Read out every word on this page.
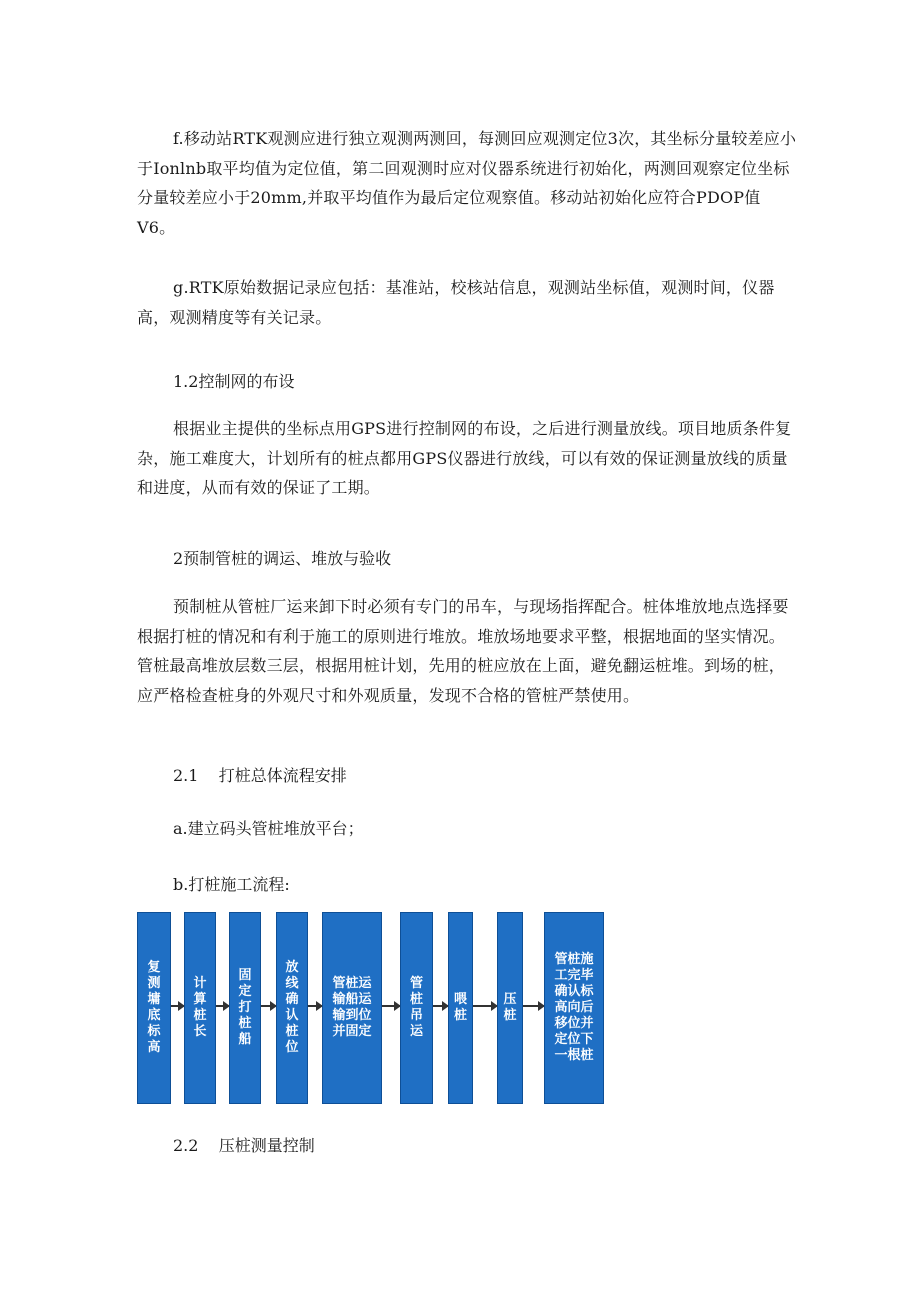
f.移动站RTK观测应进行独立观测两测回，每测回应观测定位3次，其坐标分量较差应小于Ionlnb取平均值为定位值，第二回观测时应对仪器系统进行初始化，两测回观察定位坐标分量较差应小于20mm,并取平均值作为最后定位观察值。移动站初始化应符合PDOP值V6。

g.RTK原始数据记录应包括：基准站，校核站信息，观测站坐标值，观测时间，仪器高，观测精度等有关记录。

1.2控制网的布设

根据业主提供的坐标点用GPS进行控制网的布设，之后进行测量放线。项目地质条件复杂，施工难度大，计划所有的桩点都用GPS仪器进行放线，可以有效的保证测量放线的质量和进度，从而有效的保证了工期。

2预制管桩的调运、堆放与验收

预制桩从管桩厂运来卸下时必须有专门的吊车，与现场指挥配合。桩体堆放地点选择要根据打桩的情况和有利于施工的原则进行堆放。堆放场地要求平整，根据地面的坚实情况。管桩最高堆放层数三层，根据用桩计划，先用的桩应放在上面，避免翻运桩堆。到场的桩，应严格检查桩身的外观尺寸和外观质量，发现不合格的管桩严禁使用。

2.1    打桩总体流程安排

a.建立码头管桩堆放平台；

b.打桩施工流程:

复测墉底标高
计算桩长
固定打桩船
放线确认桩位
管桩运输船运输到位并固定
管桩吊运
喂桩
压桩
管桩施工完毕确认标高向后移位并定位下一根桩

2.2    压桩测量控制
